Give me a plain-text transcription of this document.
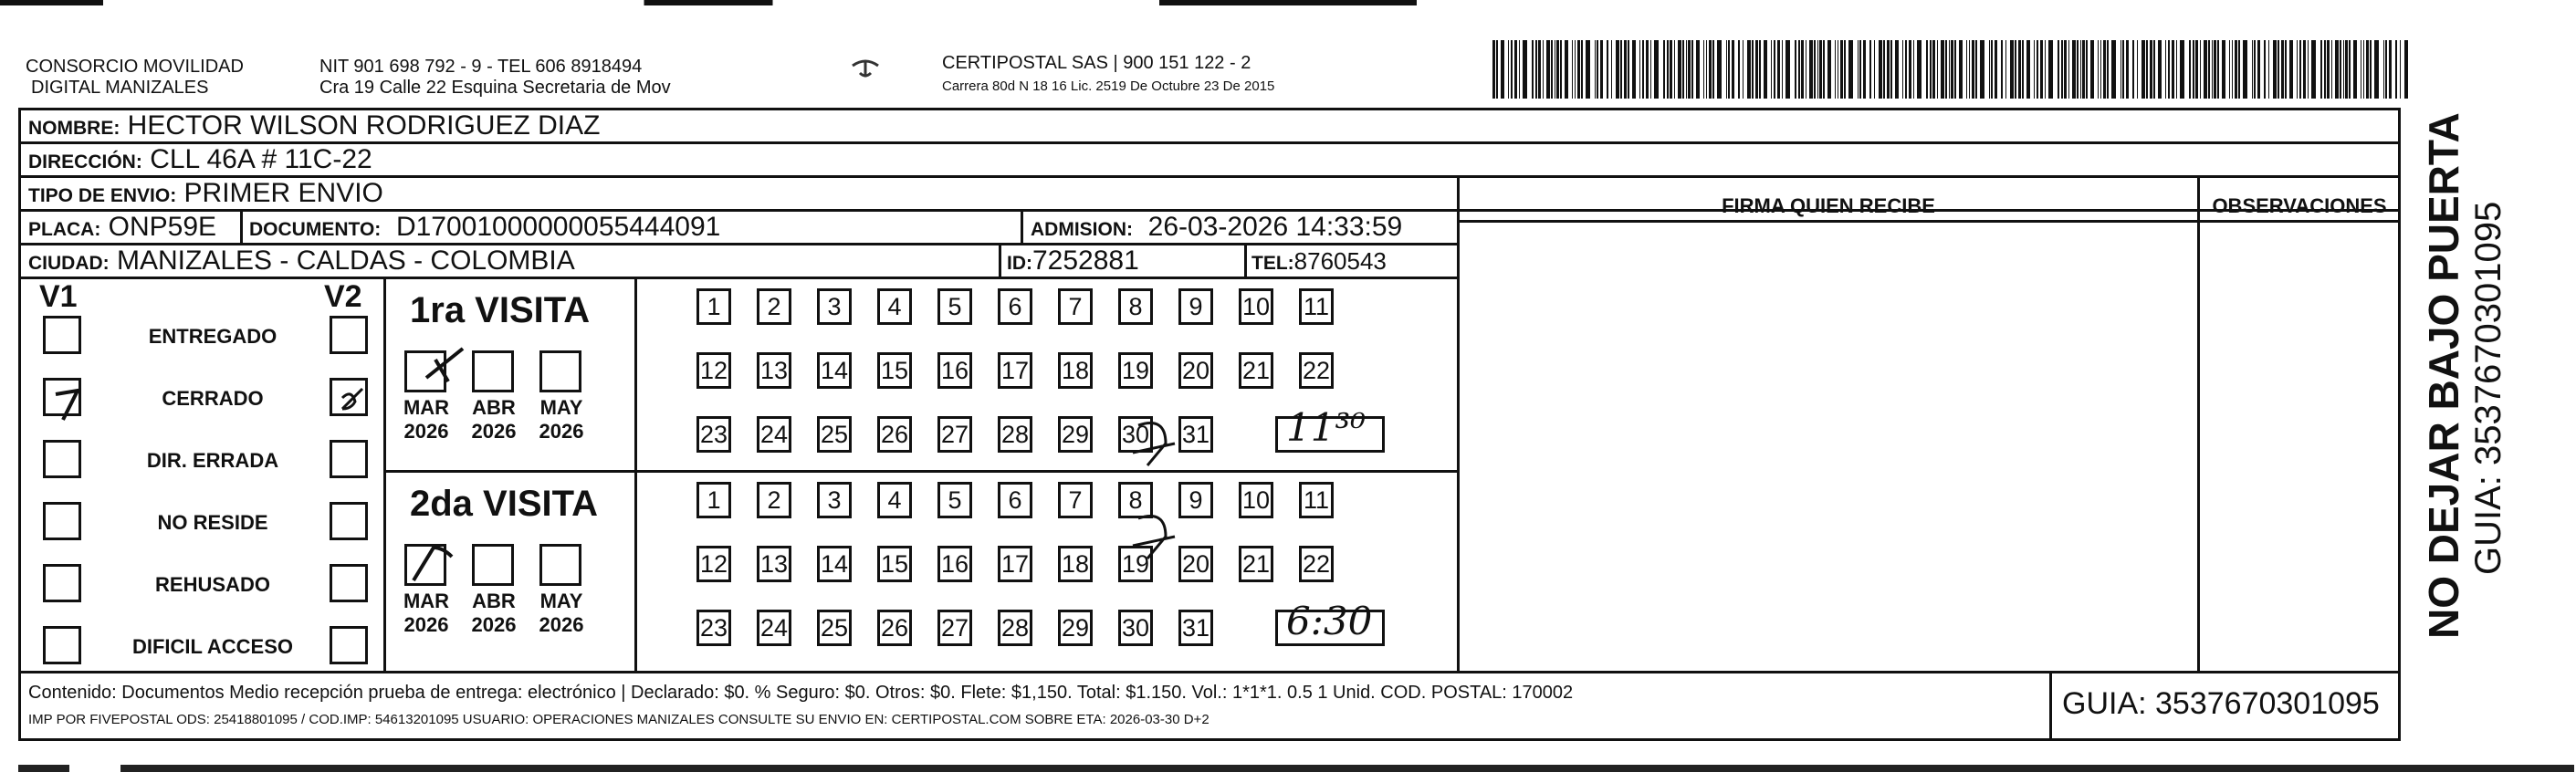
CONSORCIO MOVILIDAD
DIGITAL MANIZALES
NIT 901 698 792 - 9 - TEL 606 8918494
Cra 19 Calle 22 Esquina Secretaria de Mov
CERTIPOSTAL SAS | 900 151 122 - 2
Carrera 80d N 18 16 Lic. 2519 De Octubre 23 De 2015
NOMBRE: HECTOR WILSON RODRIGUEZ DIAZ
DIRECCIÓN: CLL 46A # 11C-22
TIPO DE ENVIO: PRIMER ENVIO	FIRMA QUIEN RECIBE	OBSERVACIONES
PLACA: ONP59E DOCUMENTO: D17001000000055444091	ADMISION: 26-03-2026 14:33:59
CIUDAD: MANIZALES - CALDAS - COLOMBIA	ID:7252881	TEL:8760543
V1	V2
ENTREGADO
CERRADO
DIR. ERRADA
NO RESIDE
REHUSADO
DIFICIL ACCESO
1ra VISITA
MAR
2026
ABR
2026
MAY
2026
1	2	3	4	5	6	7	8	9	10 11
12 13 14 15 16 17 18 19 20 21 22
23 24 25 26 27 28 29 30 31 11³⁰
2da VISITA
MAR
2026
ABR
2026
MAY
2026
1	2	3	4	5	6	7	8	9	10 11
12 13 14 15 16 17 18 19 20 21 22
23 24 25 26 27 28 29 30 31 6:30
Contenido: Documentos Medio recepción prueba de entrega: electrónico | Declarado: $0. % Seguro: $0. Otros: $0. Flete: $1,150. Total: $1.150. Vol.: 1*1*1. 0.5 1 Unid. COD. POSTAL: 170002
IMP POR FIVEPOSTAL ODS: 25418801095 / COD.IMP: 54613201095 USUARIO: OPERACIONES MANIZALES CONSULTE SU ENVIO EN: CERTIPOSTAL.COM SOBRE ETA: 2026-03-30 D+2	GUIA: 3537670301095
NO DEJAR BAJO PUERTA GUIA: 3537670301095
